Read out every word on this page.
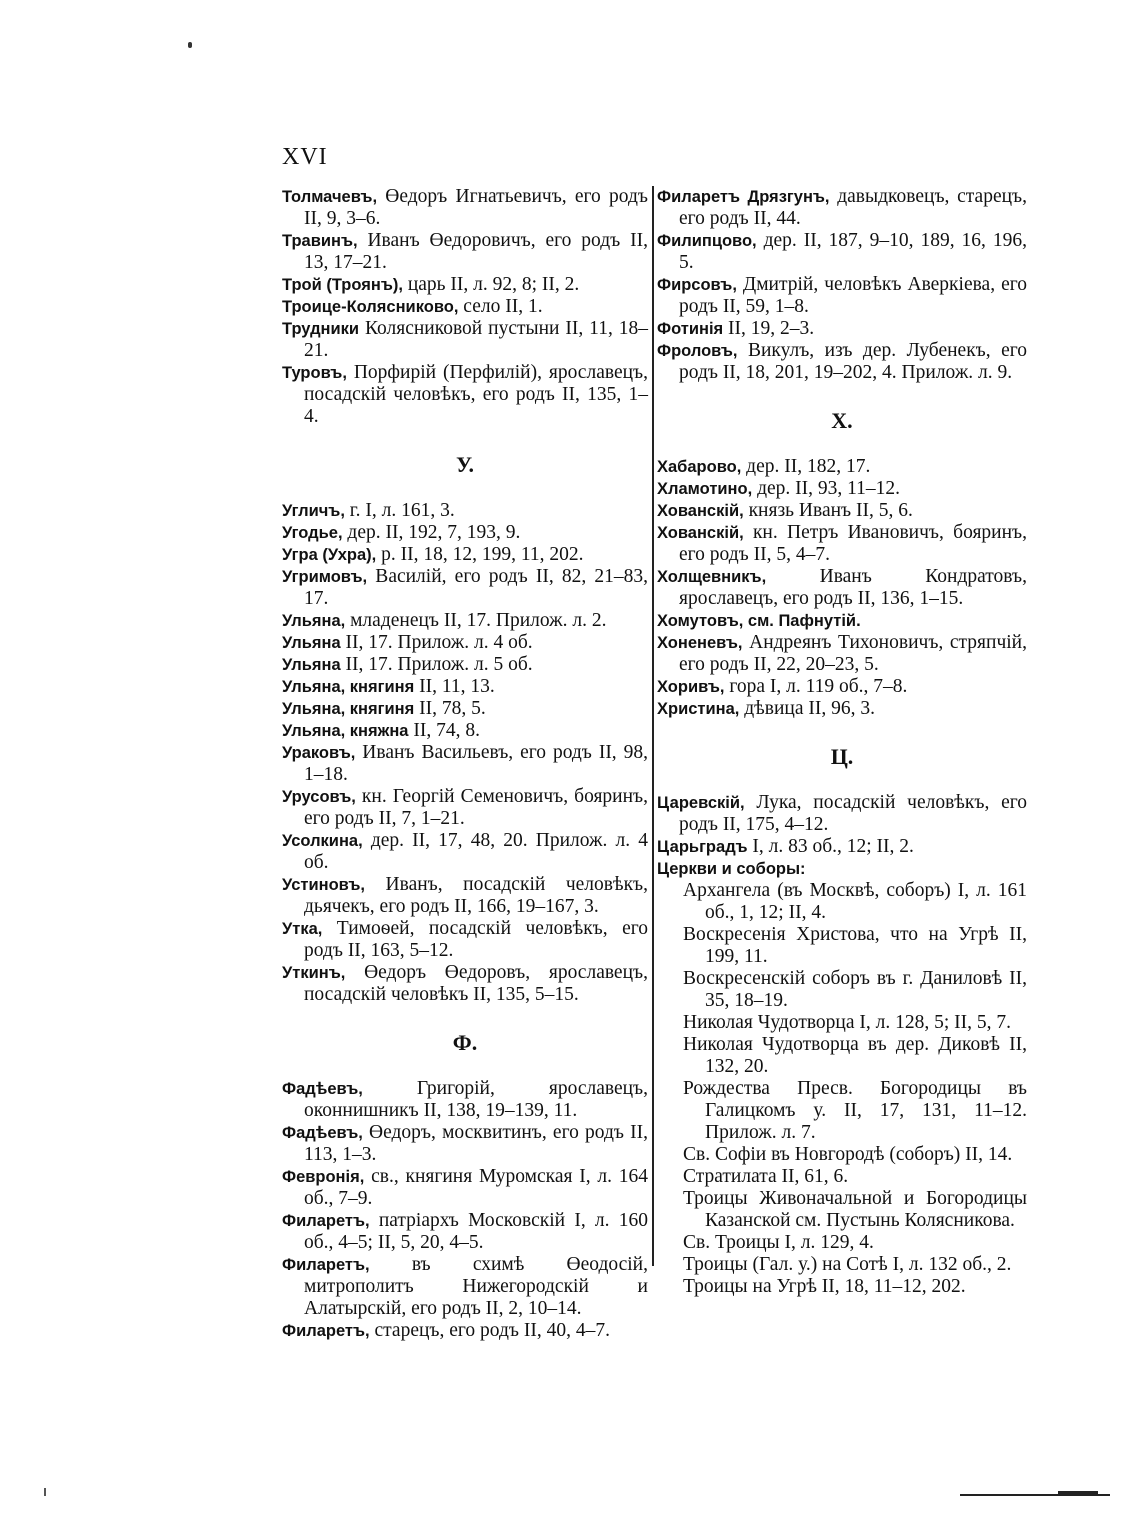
XVI
Толмачевъ, Өедоръ Игнатьевичъ, его родъ II, 9, 3–6.
Травинъ, Иванъ Өедоровичъ, его родъ II, 13, 17–21.
Трой (Троянъ), царь II, л. 92, 8; II, 2.
Троице-Колясниково, село II, 1.
Трудники Колясниковой пустыни II, 11, 18–21.
Туровъ, Порфирій (Перфилій), ярославецъ, посадскій человѣкъ, его родъ II, 135, 1–4.
У.
Угличъ, г. I, л. 161, 3.
Угодье, дер. II, 192, 7, 193, 9.
Угра (Ухра), р. II, 18, 12, 199, 11, 202.
Угримовъ, Василій, его родъ II, 82, 21–83, 17.
Ульяна, младенецъ II, 17. Прилож. л. 2.
Ульяна II, 17. Прилож. л. 4 об.
Ульяна II, 17. Прилож. л. 5 об.
Ульяна, княгиня II, 11, 13.
Ульяна, княгиня II, 78, 5.
Ульяна, княжна II, 74, 8.
Ураковъ, Иванъ Васильевъ, его родъ II, 98, 1–18.
Урусовъ, кн. Георгій Семеновичъ, бояринъ, его родъ II, 7, 1–21.
Усолкина, дер. II, 17, 48, 20. Прилож. л. 4 об.
Устиновъ, Иванъ, посадскій человѣкъ, дьячекъ, его родъ II, 166, 19–167, 3.
Утка, Тимоѳей, посадскій человѣкъ, его родъ II, 163, 5–12.
Уткинъ, Өедоръ Өедоровъ, ярославецъ, посадскій человѣкъ II, 135, 5–15.
Ф.
Фадѣевъ, Григорій, ярославецъ, оконнишникъ II, 138, 19–139, 11.
Фадѣевъ, Өедоръ, москвитинъ, его родъ II, 113, 1–3.
Февронія, св., княгиня Муромская I, л. 164 об., 7–9.
Филаретъ, патріархъ Московскій I, л. 160 об., 4–5; II, 5, 20, 4–5.
Филаретъ, въ схимѣ Өеодосій, митрополитъ Нижегородскій и Алатырскій, его родъ II, 2, 10–14.
Филаретъ, старецъ, его родъ II, 40, 4–7.
Филаретъ Дрязгунъ, давыдковецъ, старецъ, его родъ II, 44.
Филипцово, дер. II, 187, 9–10, 189, 16, 196, 5.
Фирсовъ, Дмитрій, человѣкъ Аверкіева, его родъ II, 59, 1–8.
Фотинія II, 19, 2–3.
Фроловъ, Викулъ, изъ дер. Лубенекъ, его родъ II, 18, 201, 19–202, 4. Прилож. л. 9.
Х.
Хабарово, дер. II, 182, 17.
Хламотино, дер. II, 93, 11–12.
Хованскій, князь Иванъ II, 5, 6.
Хованскій, кн. Петръ Ивановичъ, бояринъ, его родъ II, 5, 4–7.
Холщевникъ, Иванъ Кондратовъ, ярославецъ, его родъ II, 136, 1–15.
Хомутовъ, см. Пафнутій.
Хоненевъ, Андреянъ Тихоновичъ, стряпчій, его родъ II, 22, 20–23, 5.
Хоривъ, гора I, л. 119 об., 7–8.
Христина, дѣвица II, 96, 3.
Ц.
Царевскій, Лука, посадскій человѣкъ, его родъ II, 175, 4–12.
Царьградъ I, л. 83 об., 12; II, 2.
Церкви и соборы:
Архангела (въ Москвѣ, соборъ) I, л. 161 об., 1, 12; II, 4.
Воскресенія Христова, что на Угрѣ II, 199, 11.
Воскресенскій соборъ въ г. Даниловѣ II, 35, 18–19.
Николая Чудотворца I, л. 128, 5; II, 5, 7.
Николая Чудотворца въ дер. Диковѣ II, 132, 20.
Рождества Пресв. Богородицы въ Галицкомъ у. II, 17, 131, 11–12. Прилож. л. 7.
Св. Софіи въ Новгородѣ (соборъ) II, 14.
Стратилата II, 61, 6.
Троицы Живоначальной и Богородицы Казанской см. Пустынь Колясникова.
Св. Троицы I, л. 129, 4.
Троицы (Гал. у.) на Сотѣ I, л. 132 об., 2.
Троицы на Угрѣ II, 18, 11–12, 202.
